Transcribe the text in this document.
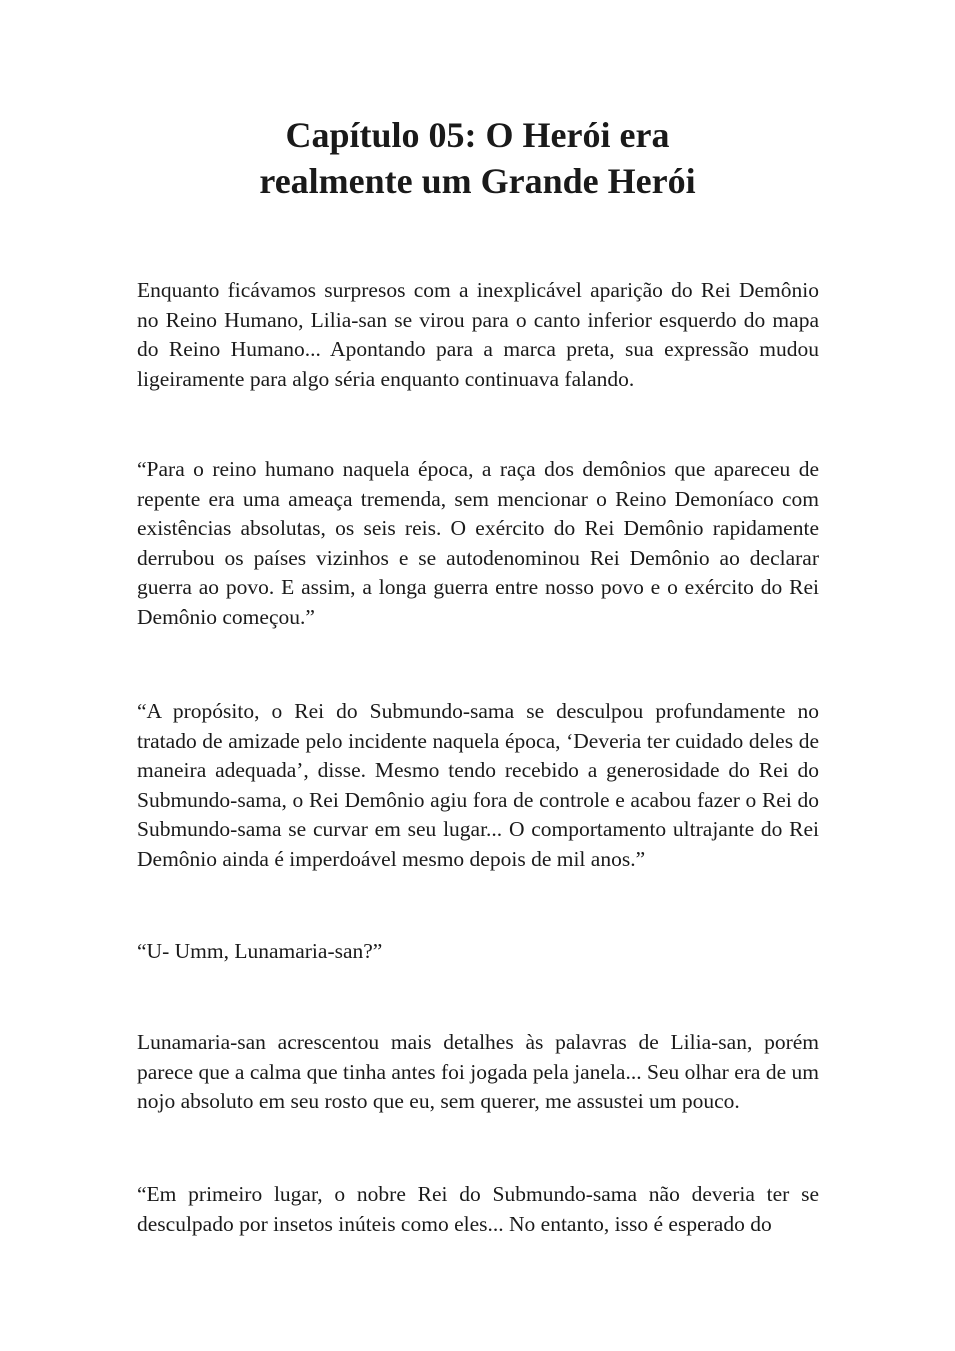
Capítulo 05: O Herói era
realmente um Grande Herói

Enquanto ficávamos surpresos com a inexplicável aparição do Rei Demônio no Reino Humano, Lilia-san se virou para o canto inferior esquerdo do mapa do Reino Humano... Apontando para a marca preta, sua expressão mudou ligeiramente para algo séria enquanto continuava falando.

“Para o reino humano naquela época, a raça dos demônios que apareceu de repente era uma ameaça tremenda, sem mencionar o Reino Demoníaco com existências absolutas, os seis reis. O exército do Rei Demônio rapidamente derrubou os países vizinhos e se autodenominou Rei Demônio ao declarar guerra ao povo. E assim, a longa guerra entre nosso povo e o exército do Rei Demônio começou.”

“A propósito, o Rei do Submundo-sama se desculpou profundamente no tratado de amizade pelo incidente naquela época, ‘Deveria ter cuidado deles de maneira adequada’, disse. Mesmo tendo recebido a generosidade do Rei do Submundo-sama, o Rei Demônio agiu fora de controle e acabou fazer o Rei do Submundo-sama se curvar em seu lugar... O comportamento ultrajante do Rei Demônio ainda é imperdoável mesmo depois de mil anos.”

“U- Umm, Lunamaria-san?”

Lunamaria-san acrescentou mais detalhes às palavras de Lilia-san, porém parece que a calma que tinha antes foi jogada pela janela... Seu olhar era de um nojo absoluto em seu rosto que eu, sem querer, me assustei um pouco.

“Em primeiro lugar, o nobre Rei do Submundo-sama não deveria ter se desculpado por insetos inúteis como eles... No entanto, isso é esperado do
